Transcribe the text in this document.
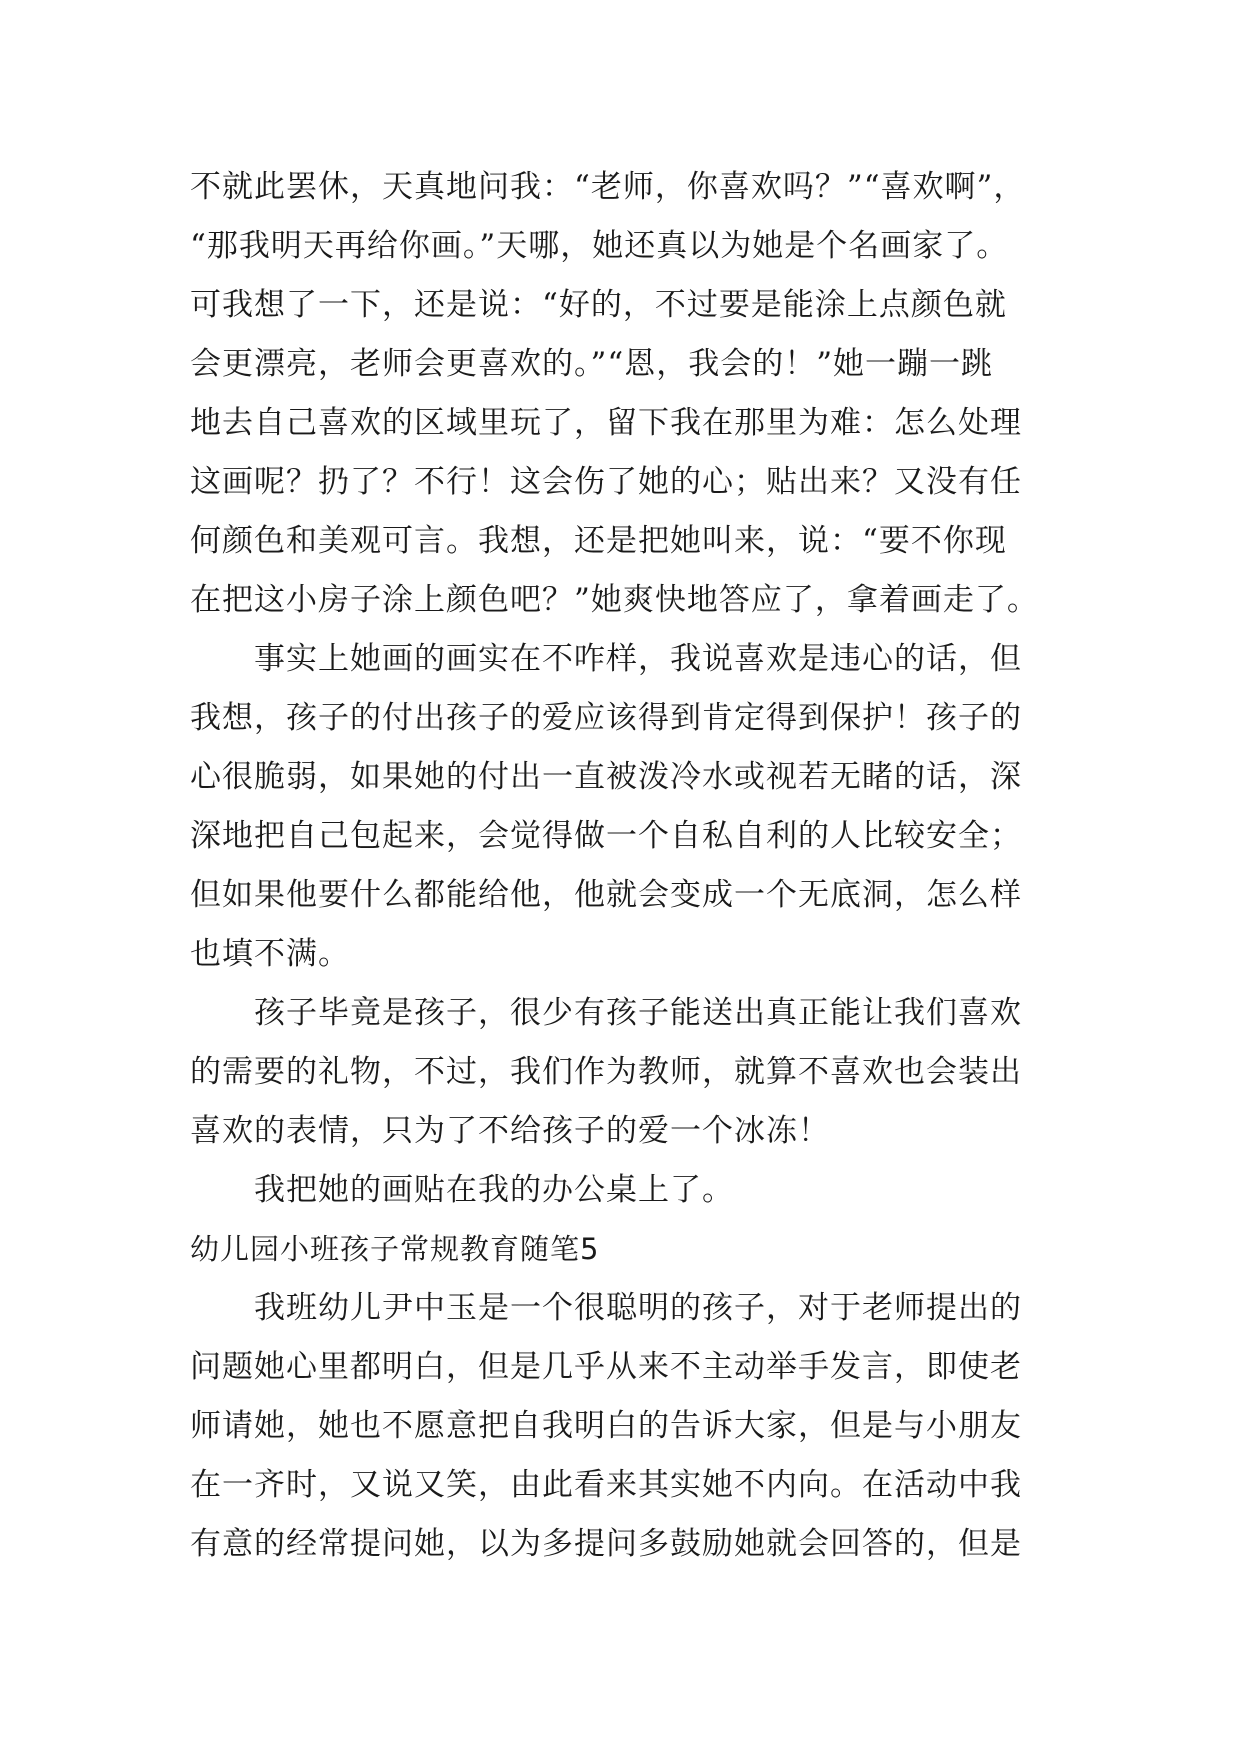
不就此罢休，天真地问我：“老师，你喜欢吗？”“喜欢啊”，
“那我明天再给你画。”天哪，她还真以为她是个名画家了。
可我想了一下，还是说：“好的，不过要是能涂上点颜色就
会更漂亮，老师会更喜欢的。”“恩，我会的！”她一蹦一跳
地去自己喜欢的区域里玩了，留下我在那里为难：怎么处理
这画呢？扔了？不行！这会伤了她的心；贴出来？又没有任
何颜色和美观可言。我想，还是把她叫来，说：“要不你现
在把这小房子涂上颜色吧？”她爽快地答应了，拿着画走了。
事实上她画的画实在不咋样，我说喜欢是违心的话，但
我想，孩子的付出孩子的爱应该得到肯定得到保护！孩子的
心很脆弱，如果她的付出一直被泼冷水或视若无睹的话，深
深地把自己包起来，会觉得做一个自私自利的人比较安全；
但如果他要什么都能给他，他就会变成一个无底洞，怎么样
也填不满。
孩子毕竟是孩子，很少有孩子能送出真正能让我们喜欢
的需要的礼物，不过，我们作为教师，就算不喜欢也会装出
喜欢的表情，只为了不给孩子的爱一个冰冻！
我把她的画贴在我的办公桌上了。
幼儿园小班孩子常规教育随笔5
我班幼儿尹中玉是一个很聪明的孩子，对于老师提出的
问题她心里都明白，但是几乎从来不主动举手发言，即使老
师请她，她也不愿意把自我明白的告诉大家，但是与小朋友
在一齐时，又说又笑，由此看来其实她不内向。在活动中我
有意的经常提问她，以为多提问多鼓励她就会回答的，但是
